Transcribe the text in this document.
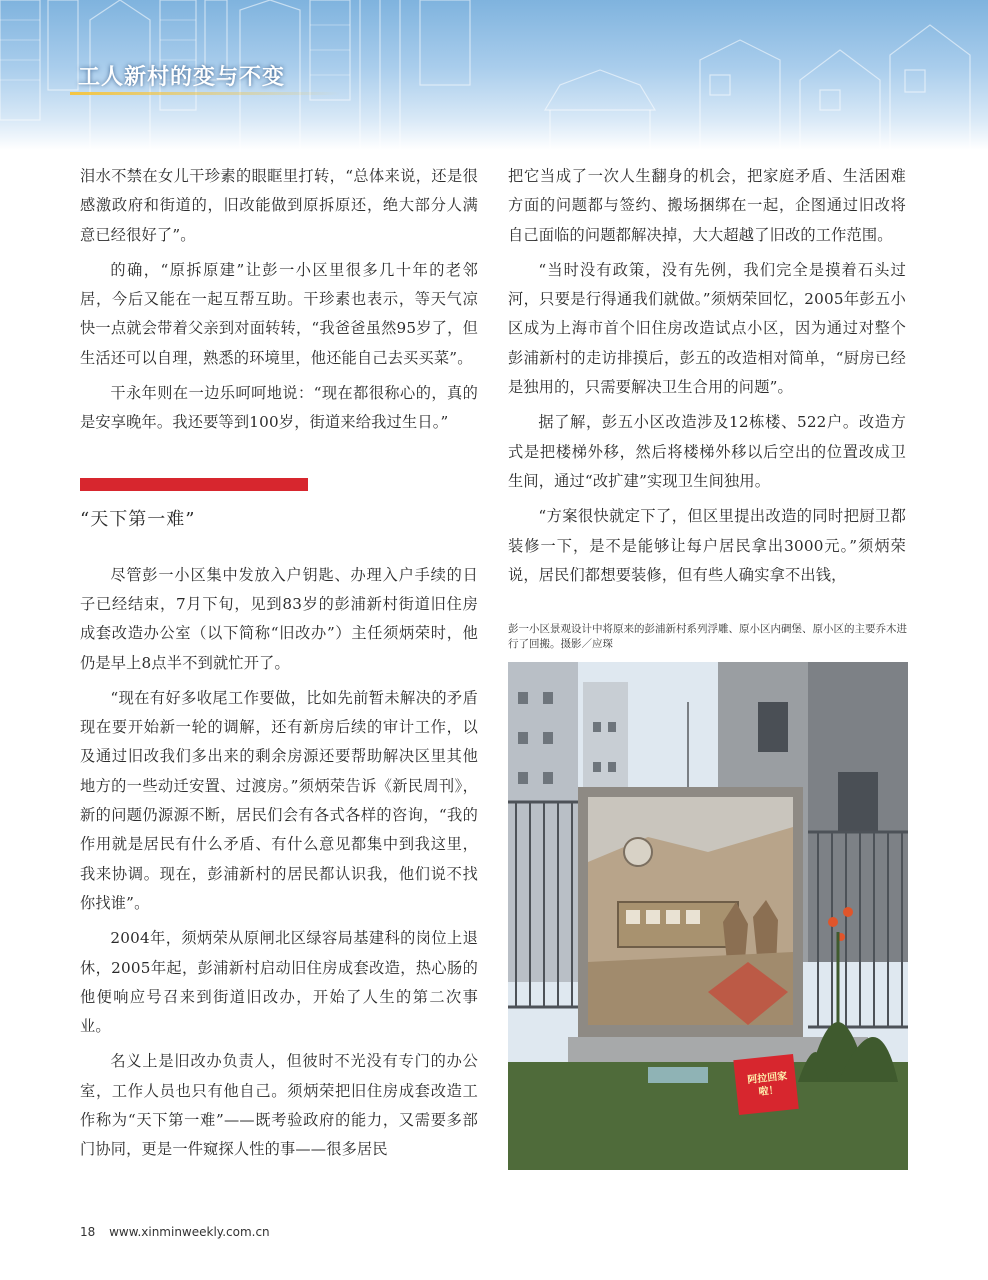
工人新村的变与不变

泪水不禁在女儿干珍素的眼眶里打转，“总体来说，还是很感激政府和街道的，旧改能做到原拆原还，绝大部分人满意已经很好了”。

的确，“原拆原建”让彭一小区里很多几十年的老邻居，今后又能在一起互帮互助。干珍素也表示，等天气凉快一点就会带着父亲到对面转转，“我爸爸虽然95岁了，但生活还可以自理，熟悉的环境里，他还能自己去买买菜”。

干永年则在一边乐呵呵地说：“现在都很称心的，真的是安享晚年。我还要等到100岁，街道来给我过生日。”

“天下第一难”

尽管彭一小区集中发放入户钥匙、办理入户手续的日子已经结束，7月下旬，见到83岁的彭浦新村街道旧住房成套改造办公室（以下简称“旧改办”）主任须炳荣时，他仍是早上8点半不到就忙开了。

“现在有好多收尾工作要做，比如先前暂未解决的矛盾现在要开始新一轮的调解，还有新房后续的审计工作，以及通过旧改我们多出来的剩余房源还要帮助解决区里其他地方的一些动迁安置、过渡房。”须炳荣告诉《新民周刊》，新的问题仍源源不断，居民们会有各式各样的咨询，“我的作用就是居民有什么矛盾、有什么意见都集中到我这里，我来协调。现在，彭浦新村的居民都认识我，他们说不找你找谁”。

2004年，须炳荣从原闸北区绿容局基建科的岗位上退休，2005年起，彭浦新村启动旧住房成套改造，热心肠的他便响应号召来到街道旧改办，开始了人生的第二次事业。

名义上是旧改办负责人，但彼时不光没有专门的办公室，工作人员也只有他自己。须炳荣把旧住房成套改造工作称为“天下第一难”——既考验政府的能力，又需要多部门协同，更是一件窥探人性的事——很多居民

把它当成了一次人生翻身的机会，把家庭矛盾、生活困难方面的问题都与签约、搬场捆绑在一起，企图通过旧改将自己面临的问题都解决掉，大大超越了旧改的工作范围。

“当时没有政策，没有先例，我们完全是摸着石头过河，只要是行得通我们就做。”须炳荣回忆，2005年彭五小区成为上海市首个旧住房改造试点小区，因为通过对整个彭浦新村的走访排摸后，彭五的改造相对简单，“厨房已经是独用的，只需要解决卫生合用的问题”。

据了解，彭五小区改造涉及12栋楼、522户。改造方式是把楼梯外移，然后将楼梯外移以后空出的位置改成卫生间，通过“改扩建”实现卫生间独用。

“方案很快就定下了，但区里提出改造的同时把厨卫都装修一下，是不是能够让每户居民拿出3000元。”须炳荣说，居民们都想要装修，但有些人确实拿不出钱，

彭一小区景观设计中将原来的彭浦新村系列浮雕、原小区内碉堡、原小区的主要乔木进行了回搬。摄影／应琛
阿拉回家啦！
18 www.xinminweekly.com.cn
